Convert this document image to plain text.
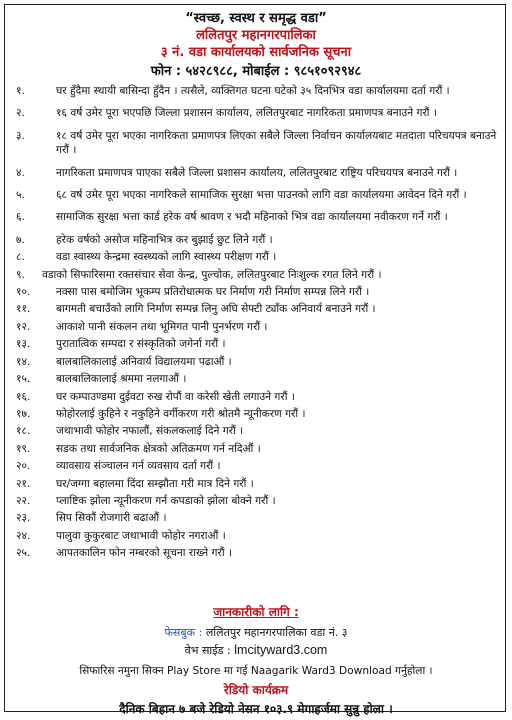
“स्वच्छ, स्वस्थ र समृद्ध वडा”
ललितपुर महानगरपालिका
३ नं. वडा कार्यालयको सार्वजनिक सूचना
फोन : ५४२८९८८, मोबाईल : ९८५१०९२९४८
१.	घर हुँदैमा स्थायी बासिन्दा हुँदैन । त्यसैले, व्यक्तिगत घटना घटेको ३५ दिनभित्र वडा कार्यालयमा दर्ता गरौं ।
२.	१६ वर्ष उमेर पूरा भएपछि जिल्ला प्रशासन कार्यालय, ललितपुरबाट नागरिकता प्रमाणपत्र बनाउने गरौं ।
३.	१८ वर्ष उमेर पूरा भएका नागरिकता प्रमाणपत्र लिएका सबैले जिल्ला निर्वाचन कार्यालयबाट मतदाता परिचयपत्र बनाउने गरौं ।
४.	नागरिकता प्रमाणपत्र पाएका सबैले जिल्ला प्रशासन कार्यालय, ललितपुरबाट राष्ट्रिय परिचयपत्र बनाउने गरौं ।
५.	६८ वर्ष उमेर पूरा भएका नागरिकले सामाजिक सुरक्षा भत्ता पाउनको लागि वडा कार्यालयमा आवेदन दिने गरौं ।
६.	सामाजिक सुरक्षा भत्ता कार्ड हरेक वर्ष श्रावण र भदौ महिनाको भित्र वडा कार्यालयमा नवीकरण गर्ने गरौं ।
७.	हरेक वर्षको असोज महिनाभित्र कर बुझाई छुट लिने गरौं ।
८.	वडा स्वास्थ्य केन्द्रमा स्वस्थ्यको लागि स्वास्थ्य परीक्षण गरौं ।
९.	वडाको सिफारिसमा रक्तसंचार सेवा केन्द्र, पुल्चोक, ललितपुरबाट निःशुल्क रगत लिने गरौं ।
१०.	नक्सा पास बमोजिम भूकम्प प्रतिरोधात्मक घर निर्माण गरी निर्माण सम्पन्न लिने गरौं ।
११.	बागमती बचाउँको लागि निर्माण सम्पन्न लिनु अघि सेफ्टी ट्याँक अनिवार्य बनाउने गरौं ।
१२.	आकाशे पानी संकलन तथा भूमिगत पानी पुनर्भरण गरौं ।
१३.	पुरातात्विक सम्पदा र संस्कृतिको जगेर्ना गरौं ।
१४.	बालबालिकालाई अनिवार्य विद्यालयमा पढाऔं ।
१५.	बालबालिकालाई श्रममा नलगाऔं ।
१६.	घर कम्पाउण्डमा दुईवटा रुख रोपौं वा करेसी खेती लगाउने गरौं ।
१७.	फोहोरलाई कुहिने र नकुहिने वर्गीकरण गरी श्रोतमै न्यूनीकरण गरौं ।
१८.	जथाभावी फोहोर नफालौं, संकलकलाई दिने गरौं ।
१९.	सडक तथा सार्वजनिक क्षेत्रको अतिक्रमण गर्न नदिऔं ।
२०.	व्यावसाय संञ्चालन गर्न व्यवसाय दर्ता गरौं ।
२१.	घर/जग्गा बहालमा दिंदा सम्झौता गरी मात्र दिने गरौं ।
२२.	प्लाष्टिक झोला न्यूनीकरण गर्न कपडाको झोला बोक्ने गरौं ।
२३.	सिप सिकौं रोजगारी बढाऔं ।
२४.	पालुवा कुकुरबाट जथाभावी फोहोर नगराऔं ।
२५.	आपतकालिन फोन नम्बरको सूचना राख्ने गरौं ।
जानकारीको लागि :
फेसबुक : ललितपुर महानगरपालिका वडा नं. ३
वेभ साईड : lmcityward3.com
सिफारिस नमुना सिक्न Play Store मा गई Naagarik Ward3 Download गर्नुहोला ।
रेडियो कार्यक्रम
दैनिक बिहान ७ बजे रेडियो नेसन १०३.९ मेगाहर्जमा सुन्नु होला ।
